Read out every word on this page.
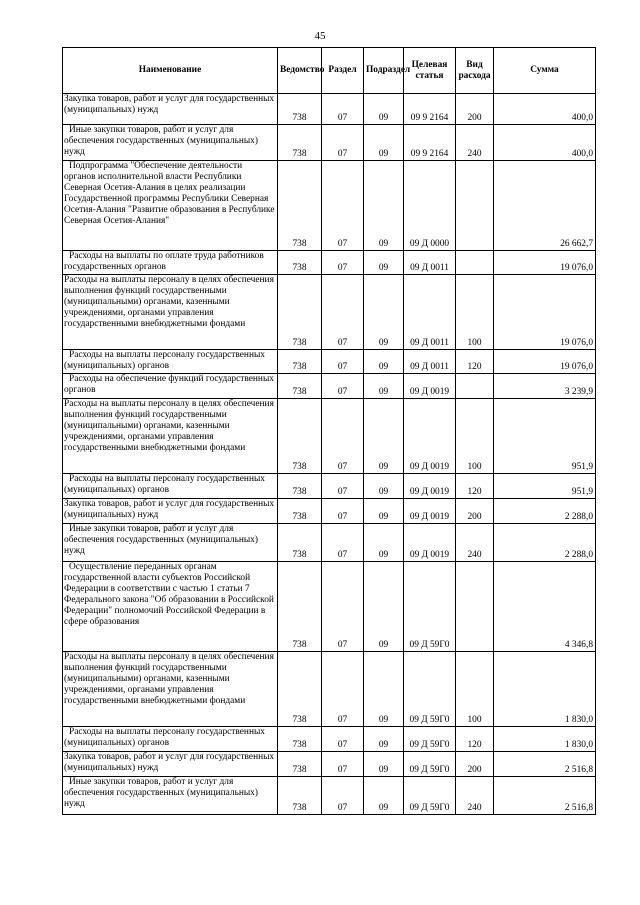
45
Наименование	Ведомство	Раздел	Подраздел	Целевая статья	Вид расхода	Сумма

Закупка товаров, работ и услуг для государственных (муниципальных) нужд	738	07	09	09 9 2164	200	400,0

Иные закупки товаров, работ и услуг для обеспечения государственных (муниципальных) нужд	738	07	09	09 9 2164	240	400,0

Подпрограмма "Обеспечение деятельности органов исполнительной власти Республики Северная Осетия-Алания в целях реализации Государственной программы Республики Северная Осетия-Алания "Развитие образования в Республике Северная Осетия-Алания"	738	07	09	09 Д 0000		26 662,7

Расходы на выплаты по оплате труда работников государственных органов	738	07	09	09 Д 0011		19 076,0

Расходы на выплаты персоналу в целях обеспечения выполнения функций государственными (муниципальными) органами, казенными учреждениями, органами управления государственными внебюджетными фондами	738	07	09	09 Д 0011	100	19 076,0

Расходы на выплаты персоналу государственных (муниципальных) органов	738	07	09	09 Д 0011	120	19 076,0

Расходы на обеспечение функций государственных органов	738	07	09	09 Д 0019		3 239,9

Расходы на выплаты персоналу в целях обеспечения выполнения функций государственными (муниципальными) органами, казенными учреждениями, органами управления государственными внебюджетными фондами	738	07	09	09 Д 0019	100	951,9

Расходы на выплаты персоналу государственных (муниципальных) органов	738	07	09	09 Д 0019	120	951,9

Закупка товаров, работ и услуг для государственных (муниципальных) нужд	738	07	09	09 Д 0019	200	2 288,0

Иные закупки товаров, работ и услуг для обеспечения государственных (муниципальных) нужд	738	07	09	09 Д 0019	240	2 288,0

Осуществление переданных органам государственной власти субъектов Российской Федерации в соответствии с частью 1 статьи 7 Федерального закона "Об образовании в Российской Федерации" полномочий Российской Федерации в сфере образования	738	07	09	09 Д 59Г0		4 346,8

Расходы на выплаты персоналу в целях обеспечения выполнения функций государственными (муниципальными) органами, казенными учреждениями, органами управления государственными внебюджетными фондами	738	07	09	09 Д 59Г0	100	1 830,0

Расходы на выплаты персоналу государственных (муниципальных) органов	738	07	09	09 Д 59Г0	120	1 830,0

Закупка товаров, работ и услуг для государственных (муниципальных) нужд	738	07	09	09 Д 59Г0	200	2 516,8

Иные закупки товаров, работ и услуг для обеспечения государственных (муниципальных) нужд	738	07	09	09 Д 59Г0	240	2 516,8
